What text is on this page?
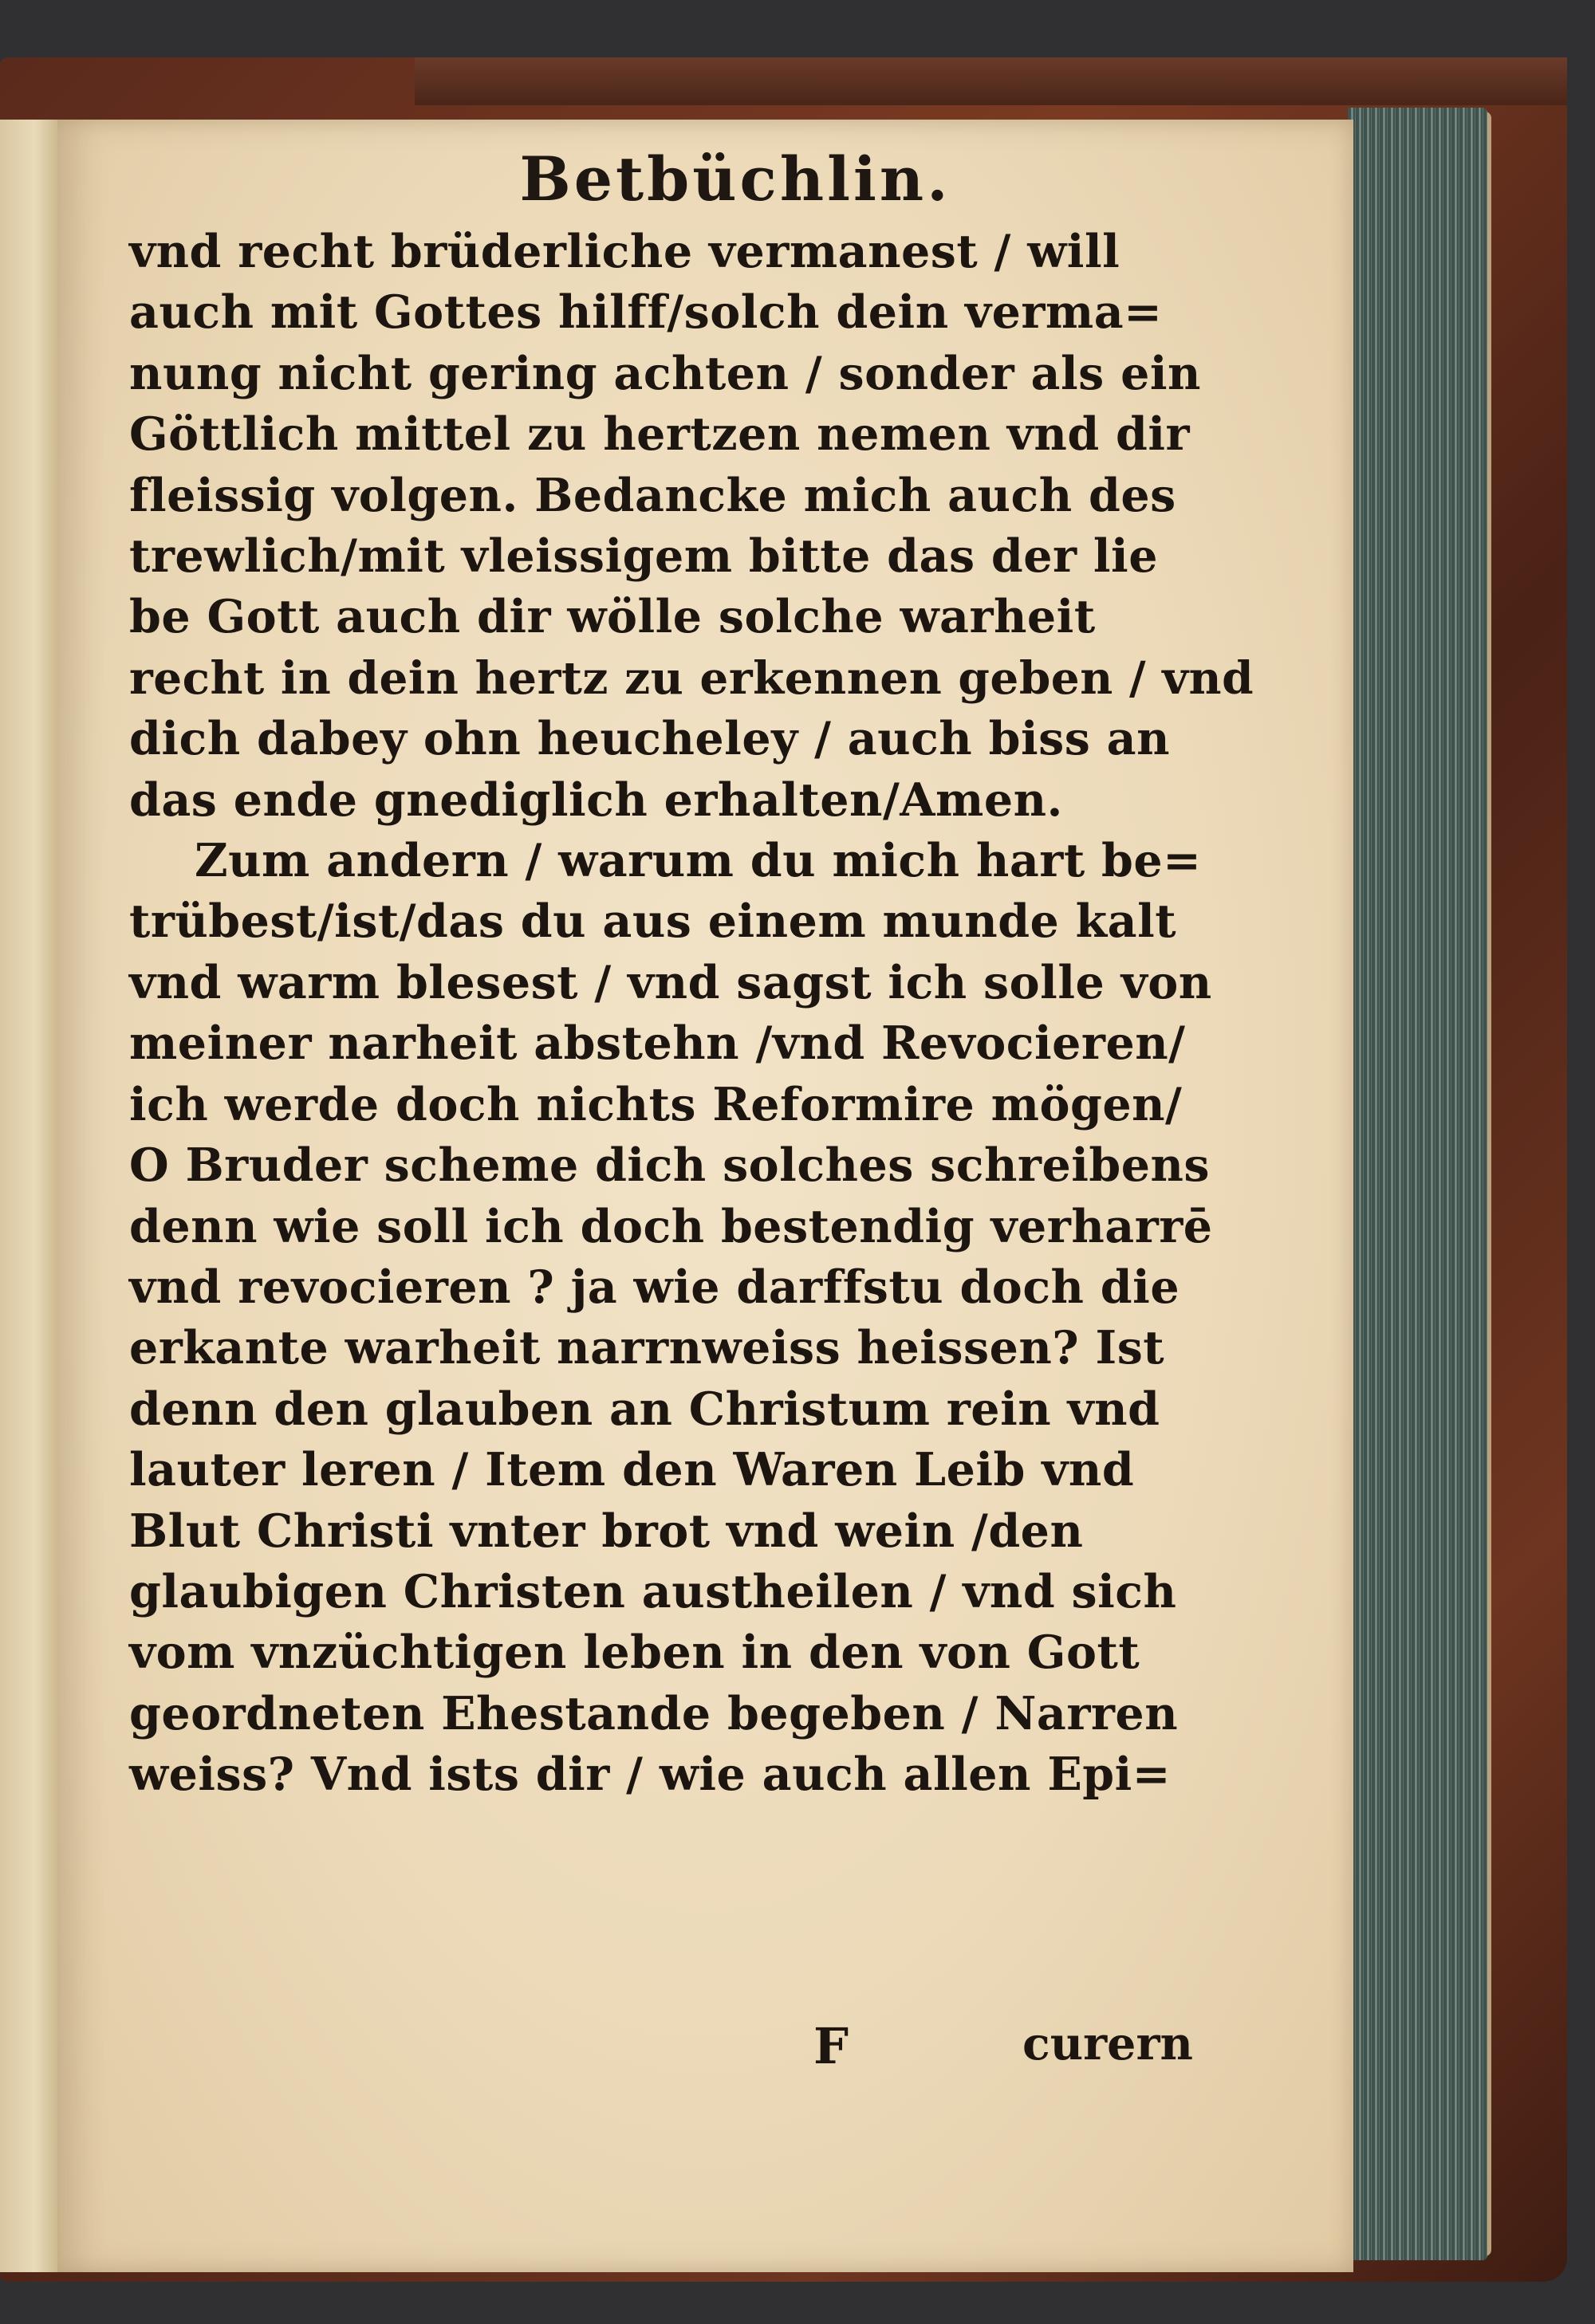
Betbüchlin.
vnd recht brüderliche vermanest / will
auch mit Gottes hilff/solch dein verma=
nung nicht gering achten / sonder als ein
Göttlich mittel zu hertzen nemen vnd dir
fleissig volgen. Bedancke mich auch des
trewlich/mit vleissigem bitte das der lie
be Gott auch dir wölle solche warheit
recht in dein hertz zu erkennen geben / vnd
dich dabey ohn heucheley / auch biss an
das ende gnediglich erhalten/Amen.
Zum andern / warum du mich hart be=
trübest/ist/das du aus einem munde kalt
vnd warm blesest / vnd sagst ich solle von
meiner narheit abstehn /vnd Revocieren/
ich werde doch nichts Reformire mögen/
O Bruder scheme dich solches schreibens
denn wie soll ich doch bestendig verharrē
vnd revocieren ? ja wie darffstu doch die
erkante warheit narrnweiss heissen? Ist
denn den glauben an Christum rein vnd
lauter leren / Item den Waren Leib vnd
Blut Christi vnter brot vnd wein /den
glaubigen Christen austheilen / vnd sich
vom vnzüchtigen leben in den von Gott
geordneten Ehestande begeben / Narren
weiss? Vnd ists dir / wie auch allen Epi=
F	curern
